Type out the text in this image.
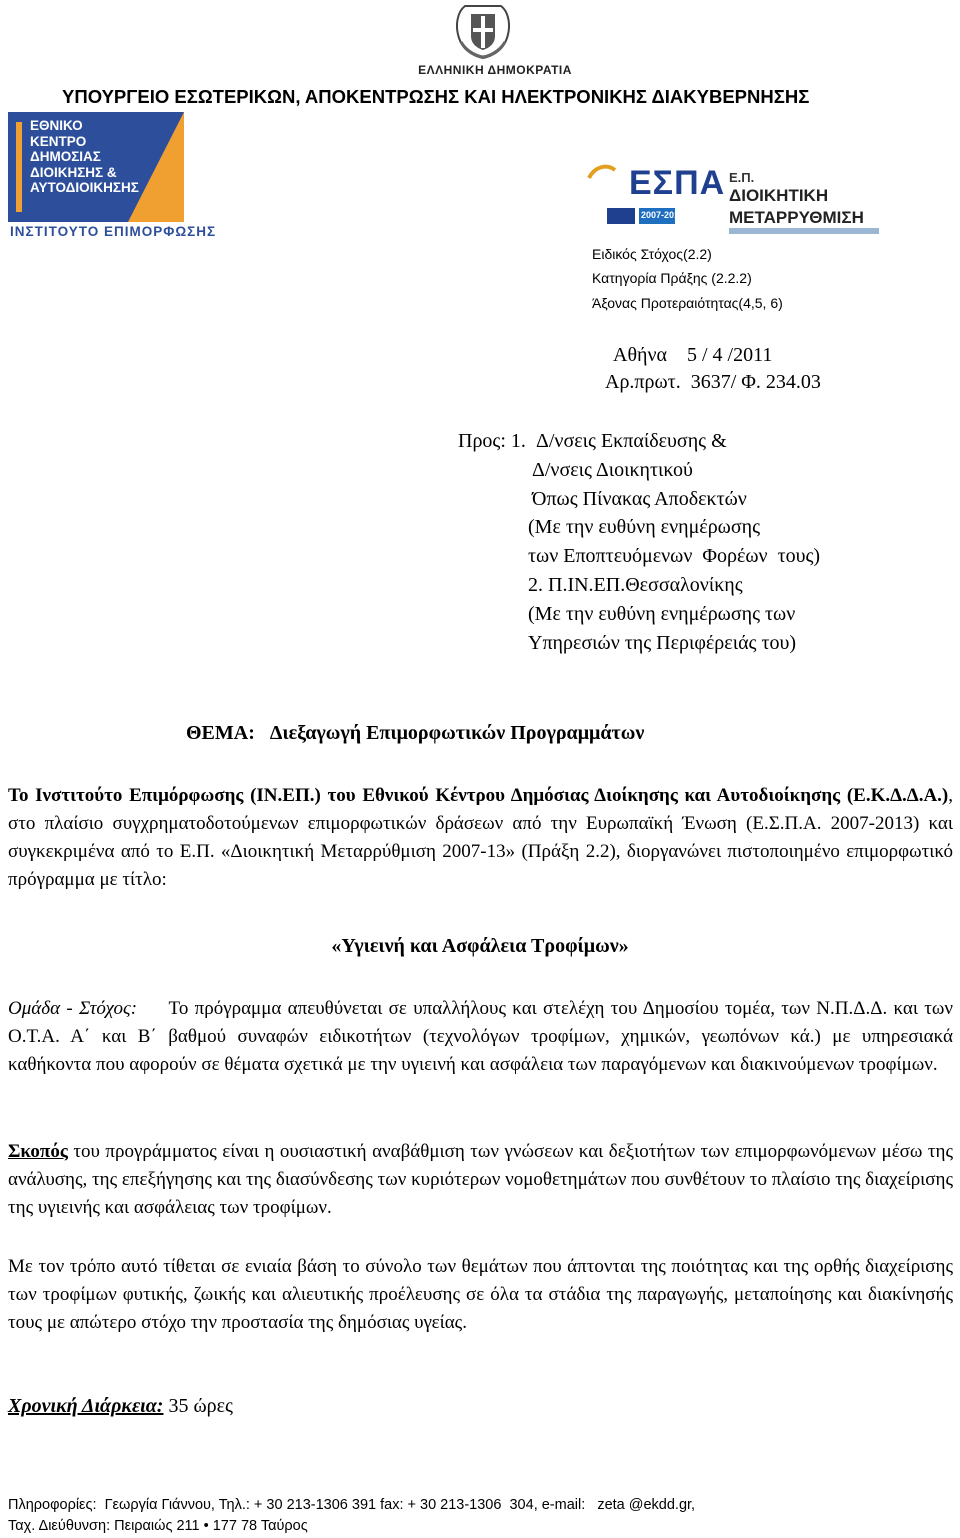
ΕΛΛΗΝΙΚΗ ΔΗΜΟΚΡΑΤΙΑ
ΥΠΟΥΡΓΕΙΟ ΕΣΩΤΕΡΙΚΩΝ, ΑΠΟΚΕΝΤΡΩΣΗΣ ΚΑΙ ΗΛΕΚΤΡΟΝΙΚΗΣ ΔΙΑΚΥΒΕΡΝΗΣΗΣ
ΕΘΝΙΚΟ
ΚΕΝΤΡΟ
ΔΗΜΟΣΙΑΣ
ΔΙΟΙΚΗΣΗΣ &
ΑΥΤΟΔΙΟΙΚΗΣΗΣ
ΙΝΣΤΙΤΟΥΤΟ ΕΠΙΜΟΡΦΩΣΗΣ
ΕΣΠΑ
2007-2013
Ε.Π.
ΔΙΟΙΚΗΤΙΚΗ
ΜΕΤΑΡΡΥΘΜΙΣΗ
Ειδικός Στόχος(2.2)
Κατηγορία Πράξης (2.2.2)
Άξονας Προτεραιότητας(4,5, 6)
Αθήνα    5 / 4 /2011
Αρ.πρωτ.  3637/ Φ. 234.03
Προς: 1. Δ/νσεις Εκπαίδευσης &
Δ/νσεις Διοικητικού
Όπως Πίνακας Αποδεκτών
(Με την ευθύνη ενημέρωσης
των Εποπτευόμενων  Φορέων  τους)
2. Π.ΙΝ.ΕΠ.Θεσσαλονίκης
(Με την ευθύνη ενημέρωσης των
Υπηρεσιών της Περιφέρειάς του)
ΘΕΜΑ: Διεξαγωγή Επιμορφωτικών Προγραμμάτων
Το Ινστιτούτο Επιμόρφωσης (ΙΝ.ΕΠ.) του Εθνικού Κέντρου Δημόσιας Διοίκησης και Αυτοδιοίκησης (Ε.Κ.Δ.Δ.Α.), στο πλαίσιο συγχρηματοδοτούμενων επιμορφωτικών δράσεων από την Ευρωπαϊκή Ένωση (Ε.Σ.Π.Α. 2007-2013) και συγκεκριμένα από το Ε.Π. «Διοικητική Μεταρρύθμιση 2007-13» (Πράξη 2.2), διοργανώνει πιστοποιημένο επιμορφωτικό πρόγραμμα με τίτλο:
«Υγιεινή και Ασφάλεια Τροφίμων»
Ομάδα - Στόχος: Το πρόγραμμα απευθύνεται σε υπαλλήλους και στελέχη του Δημοσίου τομέα, των Ν.Π.Δ.Δ. και των Ο.Τ.Α. Α΄ και Β΄ βαθμού συναφών ειδικοτήτων (τεχνολόγων τροφίμων, χημικών, γεωπόνων κά.) με υπηρεσιακά καθήκοντα που αφορούν σε θέματα σχετικά με την υγιεινή και ασφάλεια των παραγόμενων και διακινούμενων τροφίμων.
Σκοπός του προγράμματος είναι η ουσιαστική αναβάθμιση των γνώσεων και δεξιοτήτων των επιμορφωνόμενων μέσω της ανάλυσης, της επεξήγησης και της διασύνδεσης των κυριότερων νομοθετημάτων που συνθέτουν το πλαίσιο της διαχείρισης της υγιεινής και ασφάλειας των τροφίμων.
Με τον τρόπο αυτό τίθεται σε ενιαία βάση το σύνολο των θεμάτων που άπτονται της ποιότητας και της ορθής διαχείρισης των τροφίμων φυτικής, ζωικής και αλιευτικής προέλευσης σε όλα τα στάδια της παραγωγής, μεταποίησης και διακίνησής τους με απώτερο στόχο την προστασία της δημόσιας υγείας.
Χρονική Διάρκεια: 35 ώρες
Πληροφορίες:  Γεωργία Γιάννου, Τηλ.: + 30 213-1306 391 fax: + 30 213-1306  304, e-mail:   zeta @ekdd.gr,
Ταχ. Διεύθυνση: Πειραιώς 211 • 177 78 Ταύρος
